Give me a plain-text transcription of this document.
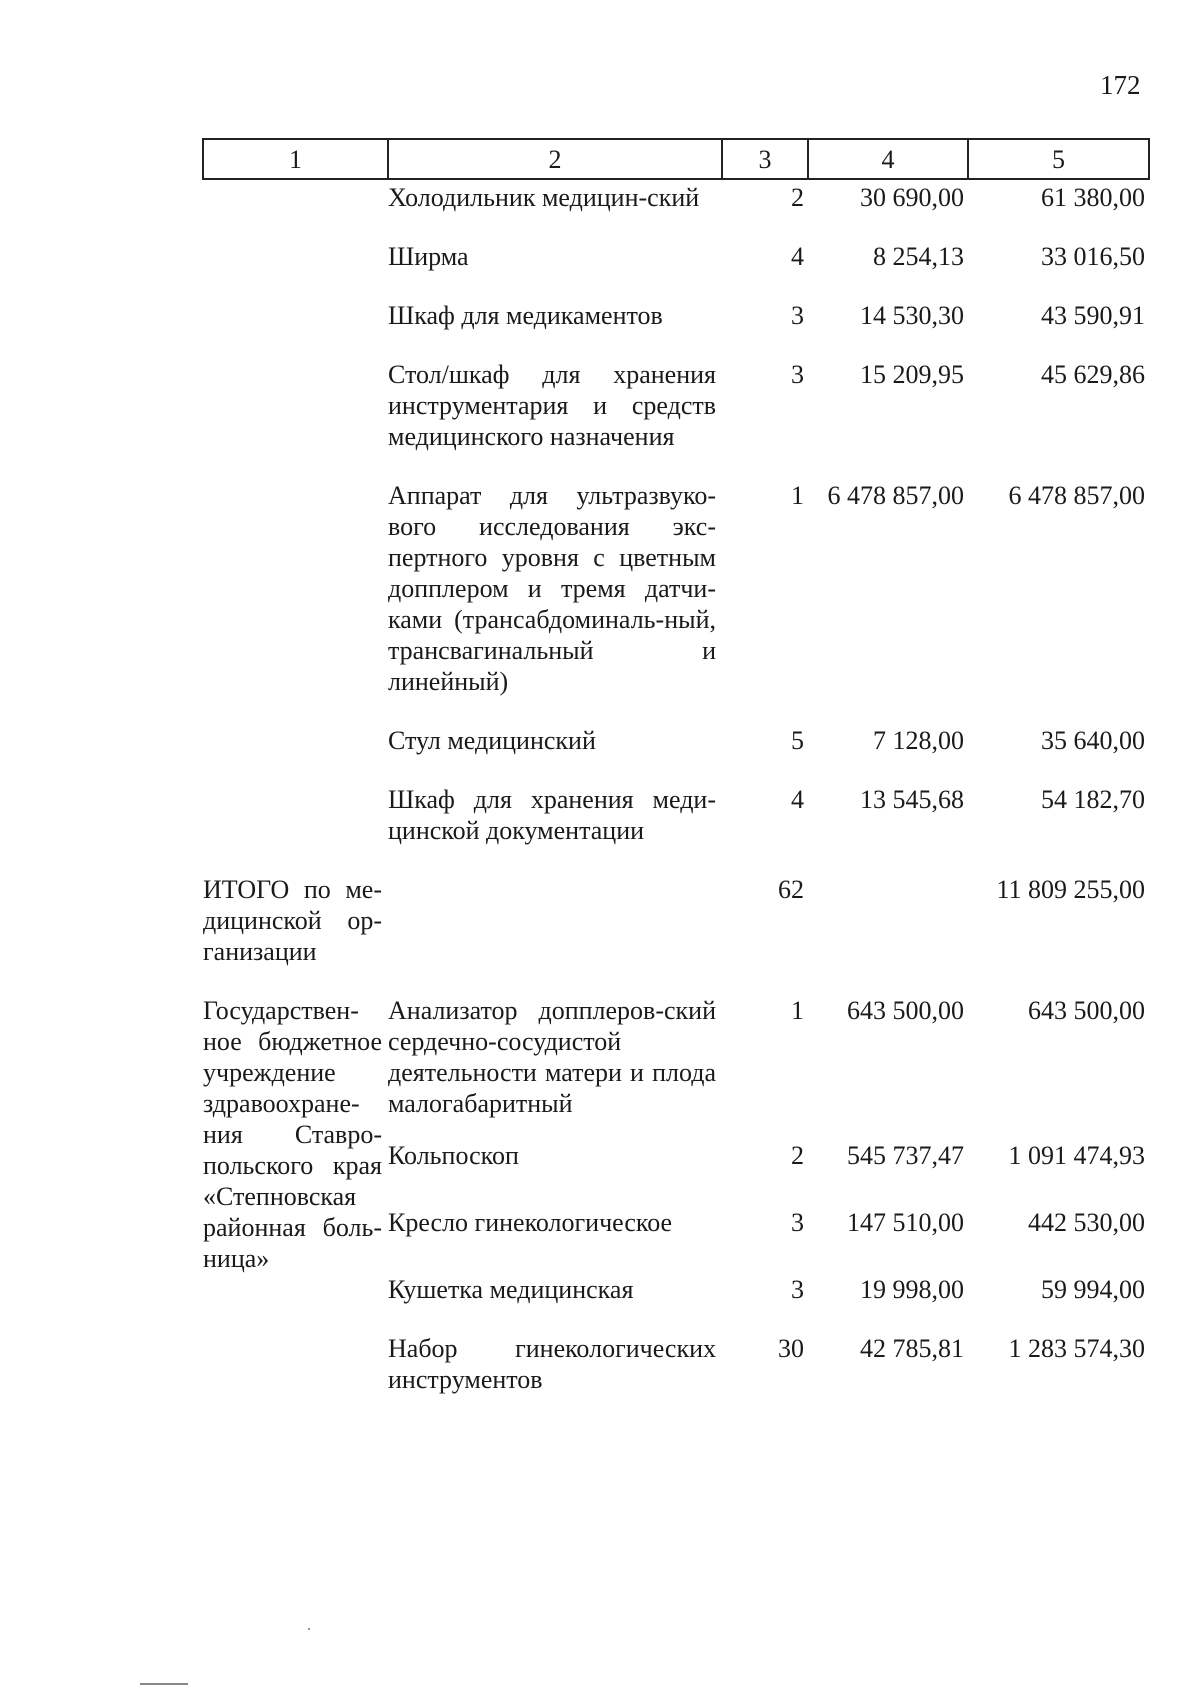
172
1	2	3	4	5
	Холодильник медицин-ский	2	30 690,00	61 380,00
	Ширма	4	8 254,13	33 016,50
	Шкаф для медикаментов	3	14 530,30	43 590,91
	Стол/шкаф для хранения инструментария и средств медицинского назначения	3	15 209,95	45 629,86
	Аппарат для ультразвуко-вого исследования экс-пертного уровня с цветным допплером и тремя датчи-ками (трансабдоминаль-ный, трансвагинальный и линейный)	1	6 478 857,00	6 478 857,00
	Стул медицинский	5	7 128,00	35 640,00
	Шкаф для хранения меди-цинской документации	4	13 545,68	54 182,70
ИТОГО по ме-дицинской ор-ганизации		62		11 809 255,00
Государствен-ное бюджетное учреждение здравоохране-ния Ставро-польского края «Степновская районная боль-ница»	Анализатор допплеров-ский сердечно-сосудистой деятельности матери и плода малогабаритный	1	643 500,00	643 500,00
	Кольпоскоп	2	545 737,47	1 091 474,93
	Кресло гинекологическое	3	147 510,00	442 530,00
	Кушетка медицинская	3	19 998,00	59 994,00
	Набор гинекологических инструментов	30	42 785,81	1 283 574,30
